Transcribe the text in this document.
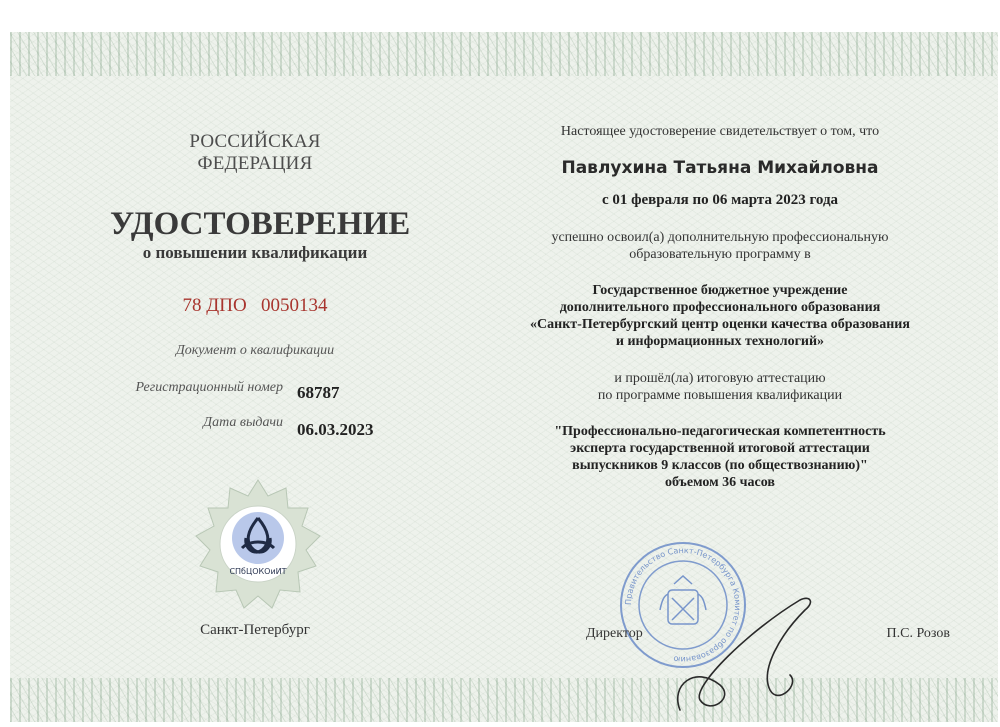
РОССИЙСКАЯ ФЕДЕРАЦИЯ
УДОСТОВЕРЕНИЕ
о повышении квалификации
78 ДПО   0050134
Документ о квалификации
Регистрационный номер 68787
Дата выдачи 06.03.2023
СПбЦОКОиИТ
Санкт-Петербург
Настоящее удостоверение свидетельствует о том, что
Павлухина Татьяна Михайловна
с 01 февраля по 06 марта 2023 года
успешно освоил(а) дополнительную профессиональную
образовательную программу в
Государственное бюджетное учреждение
дополнительного профессионального образования
«Санкт-Петербургский центр оценки качества образования
и информационных технологий»
и прошёл(ла) итоговую аттестацию
по программе повышения квалификации
"Профессионально-педагогическая компетентность
эксперта государственной итоговой аттестации
выпускников 9 классов (по обществознанию)"
объемом 36 часов
Правительство Санкт-Петербурга Комитет по образованию
Директор	П.С. Розов
